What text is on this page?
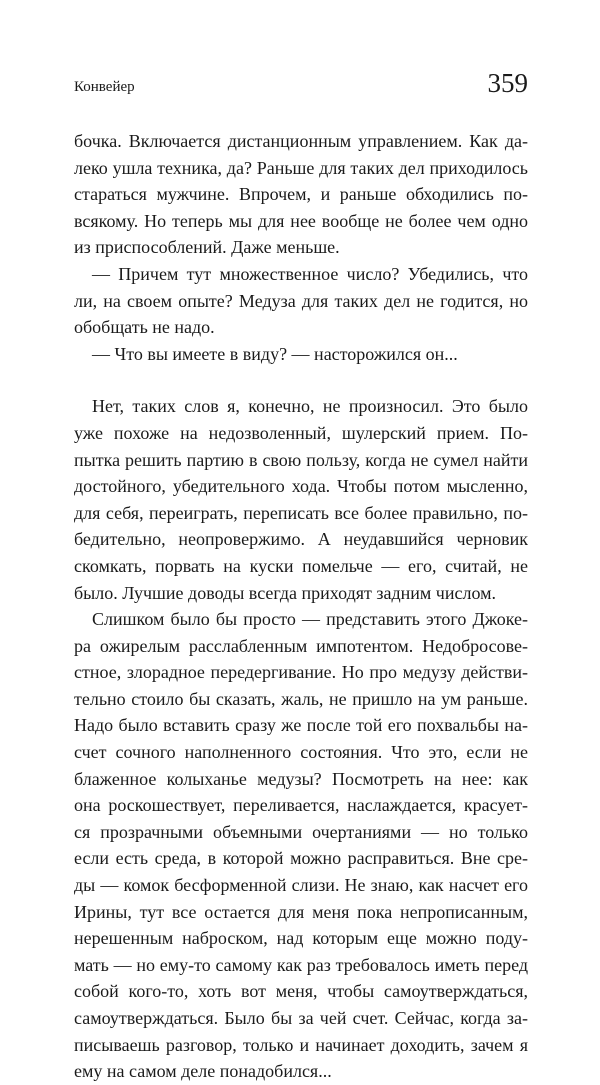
Конвейер	359
бочка. Включается дистанционным управлением. Как да-
леко ушла техника, да? Раньше для таких дел приходилось
стараться мужчине. Впрочем, и раньше обходились по-
всякому. Но теперь мы для нее вообще не более чем одно
из приспособлений. Даже меньше.
— Причем тут множественное число? Убедились, что
ли, на своем опыте? Медуза для таких дел не годится, но
обобщать не надо.
— Что вы имеете в виду? — насторожился он...
Нет, таких слов я, конечно, не произносил. Это было
уже похоже на недозволенный, шулерский прием. По-
пытка решить партию в свою пользу, когда не сумел найти
достойного, убедительного хода. Чтобы потом мысленно,
для себя, переиграть, переписать все более правильно, по-
бедительно, неопровержимо. А неудавшийся черновик
скомкать, порвать на куски помельче — его, считай, не
было. Лучшие доводы всегда приходят задним числом.
Слишком было бы просто — представить этого Джоке-
ра ожирелым расслабленным импотентом. Недобросове-
стное, злорадное передергивание. Но про медузу действи-
тельно стоило бы сказать, жаль, не пришло на ум раньше.
Надо было вставить сразу же после той его похвальбы на-
счет сочного наполненного состояния. Что это, если не
блаженное колыханье медузы? Посмотреть на нее: как
она роскошествует, переливается, наслаждается, красует-
ся прозрачными объемными очертаниями — но только
если есть среда, в которой можно расправиться. Вне сре-
ды — комок бесформенной слизи. Не знаю, как насчет его
Ирины, тут все остается для меня пока непрописанным,
нерешенным наброском, над которым еще можно поду-
мать — но ему-то самому как раз требовалось иметь перед
собой кого-то, хоть вот меня, чтобы самоутверждаться,
самоутверждаться. Было бы за чей счет. Сейчас, когда за-
писываешь разговор, только и начинает доходить, зачем я
ему на самом деле понадобился...
